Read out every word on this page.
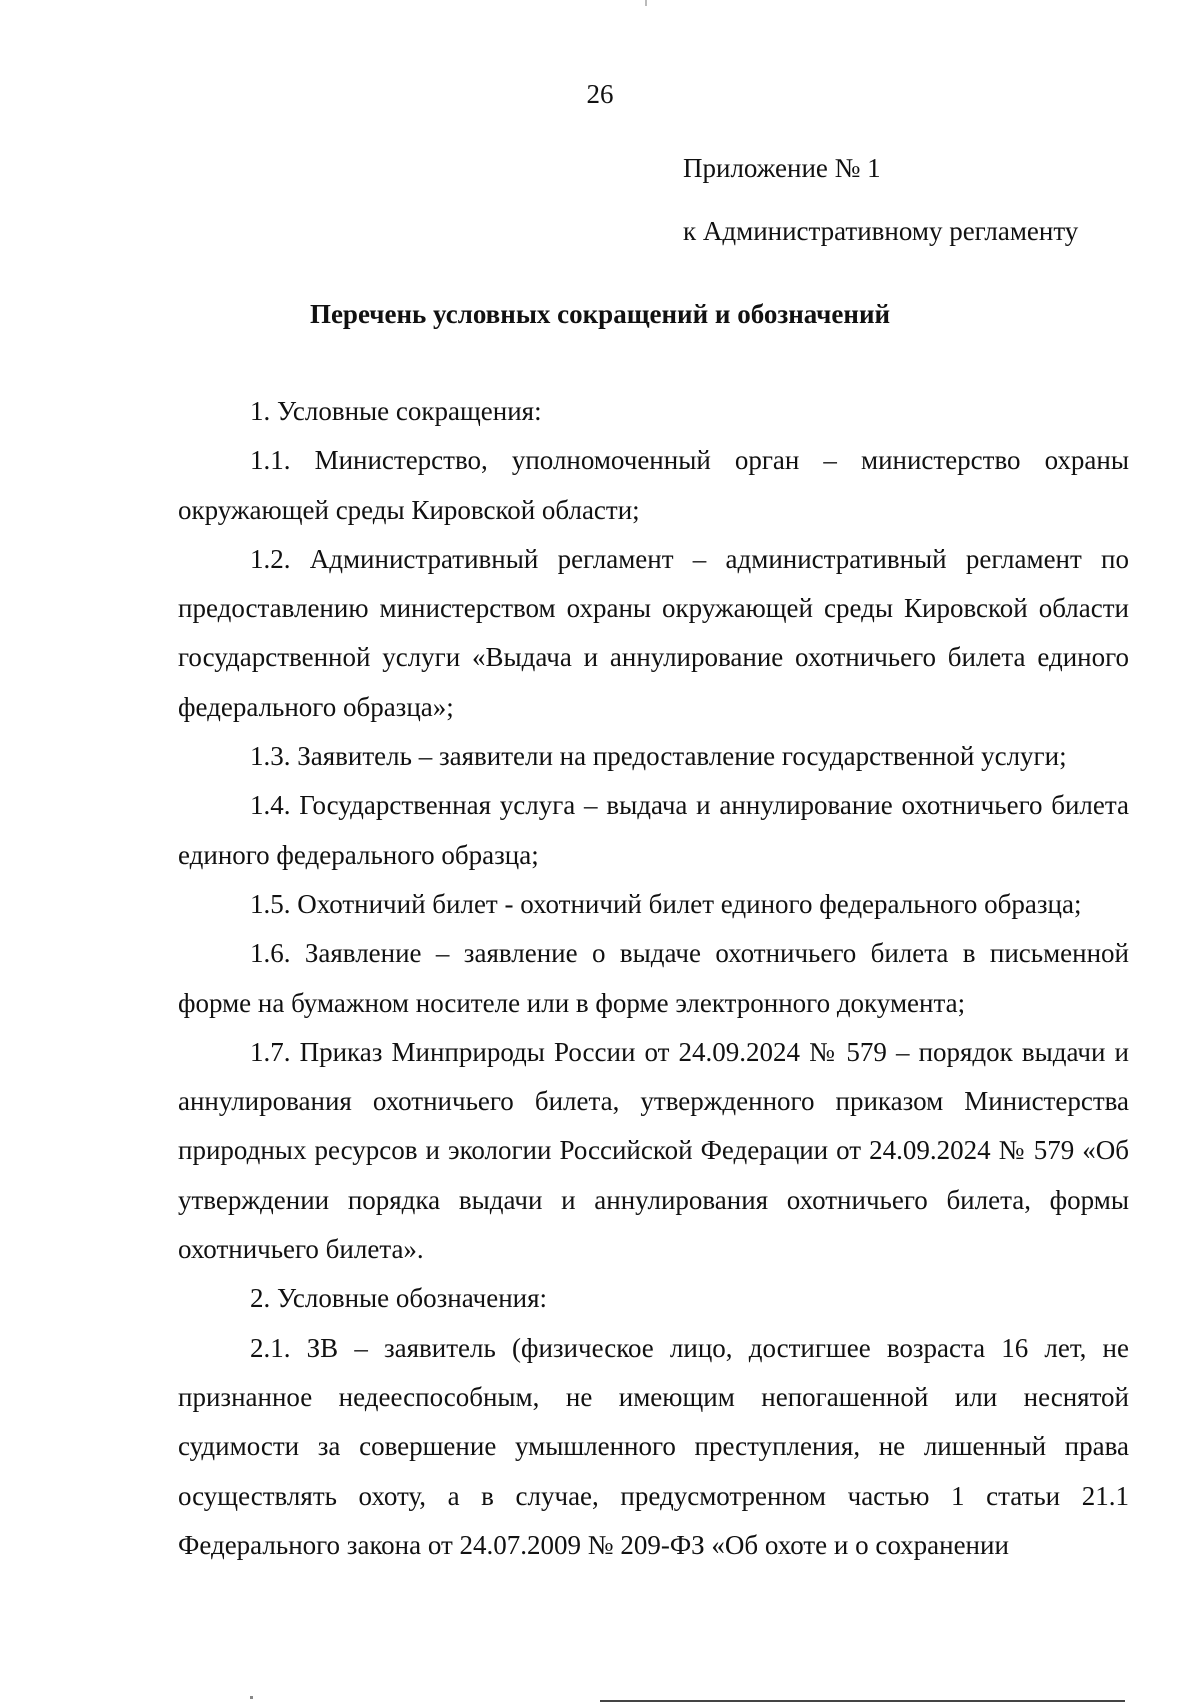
26
Приложение № 1
к Административному регламенту
Перечень условных сокращений и обозначений

1. Условные сокращения:

1.1. Министерство, уполномоченный орган – министерство охраны окружающей среды Кировской области;

1.2. Административный регламент – административный регламент по предоставлению министерством охраны окружающей среды Кировской области государственной услуги «Выдача и аннулирование охотничьего билета единого федерального образца»;

1.3. Заявитель – заявители на предоставление государственной услуги;

1.4. Государственная услуга – выдача и аннулирование охотничьего билета единого федерального образца;

1.5. Охотничий билет - охотничий билет единого федерального образца;

1.6. Заявление – заявление о выдаче охотничьего билета в письменной форме на бумажном носителе или в форме электронного документа;

1.7. Приказ Минприроды России от 24.09.2024 № 579 – порядок выдачи и аннулирования охотничьего билета, утвержденного приказом Министерства природных ресурсов и экологии Российской Федерации от 24.09.2024 № 579 «Об утверждении порядка выдачи и аннулирования охотничьего билета, формы охотничьего билета».

2. Условные обозначения:

2.1. ЗВ – заявитель (физическое лицо, достигшее возраста 16 лет, не признанное недееспособным, не имеющим непогашенной или неснятой судимости за совершение умышленного преступления, не лишенный права осуществлять охоту, а в случае, предусмотренном частью 1 статьи 21.1 Федерального закона от 24.07.2009 № 209-ФЗ «Об охоте и о сохранении
